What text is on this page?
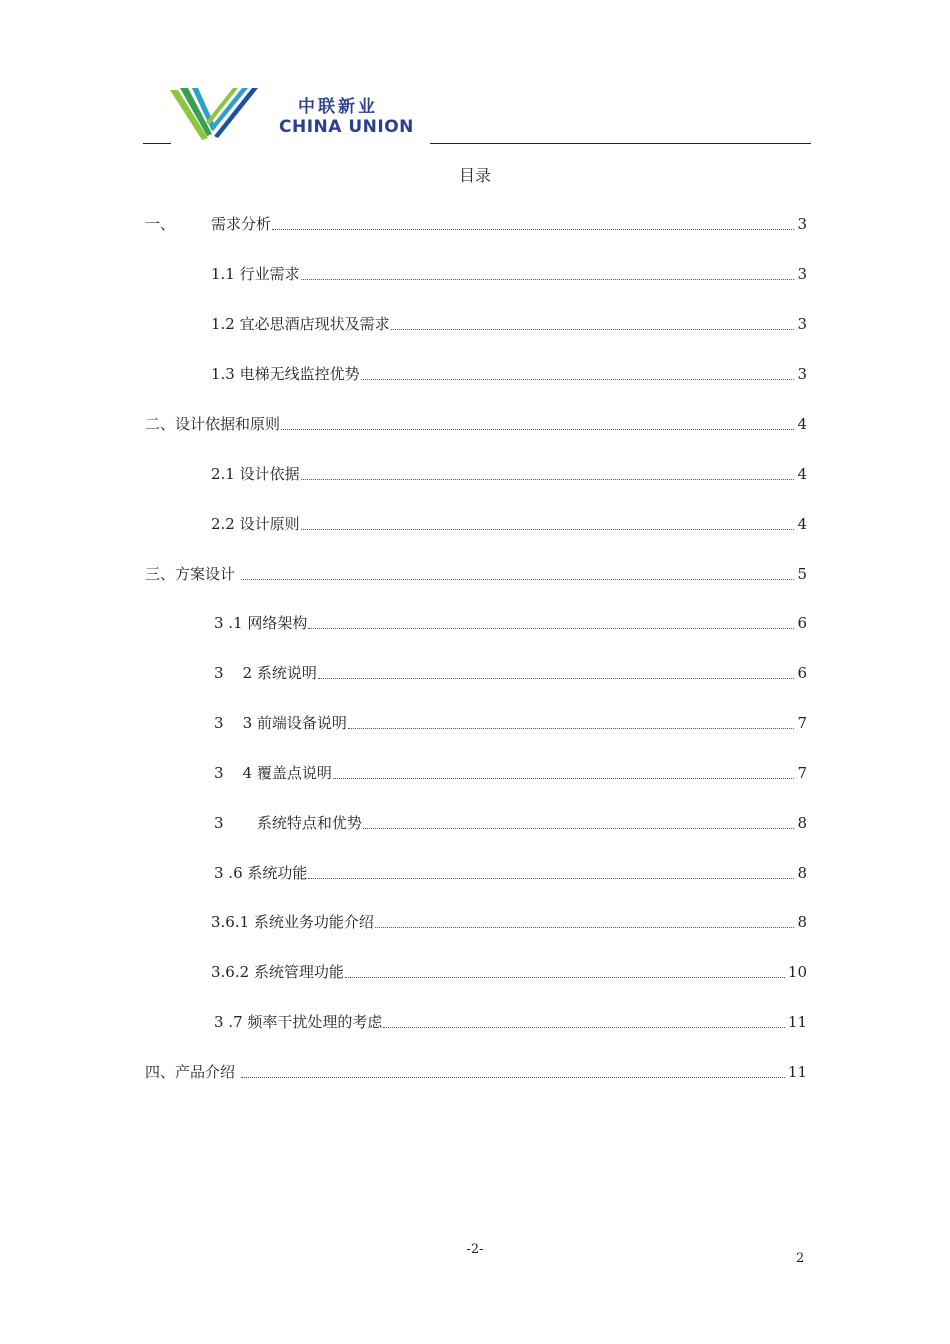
中联新业
CHINA UNION
目录
一、	需求分析	3
1.1 行业需求	3
1.2 宜必思酒店现状及需求	3
1.3 电梯无线监控优势	3
二、设计依据和原则	4
2.1 设计依据	4
2.2 设计原则	4
三、方案设计	5
3 .1 网络架构	6
3    2 系统说明	6
3    3 前端设备说明	7
3    4 覆盖点说明	7
3       系统特点和优势	8
3 .6 系统功能	8
3.6.1 系统业务功能介绍	8
3.6.2 系统管理功能	10
3 .7 频率干扰处理的考虑	11
四、产品介绍	11
-2-
2
